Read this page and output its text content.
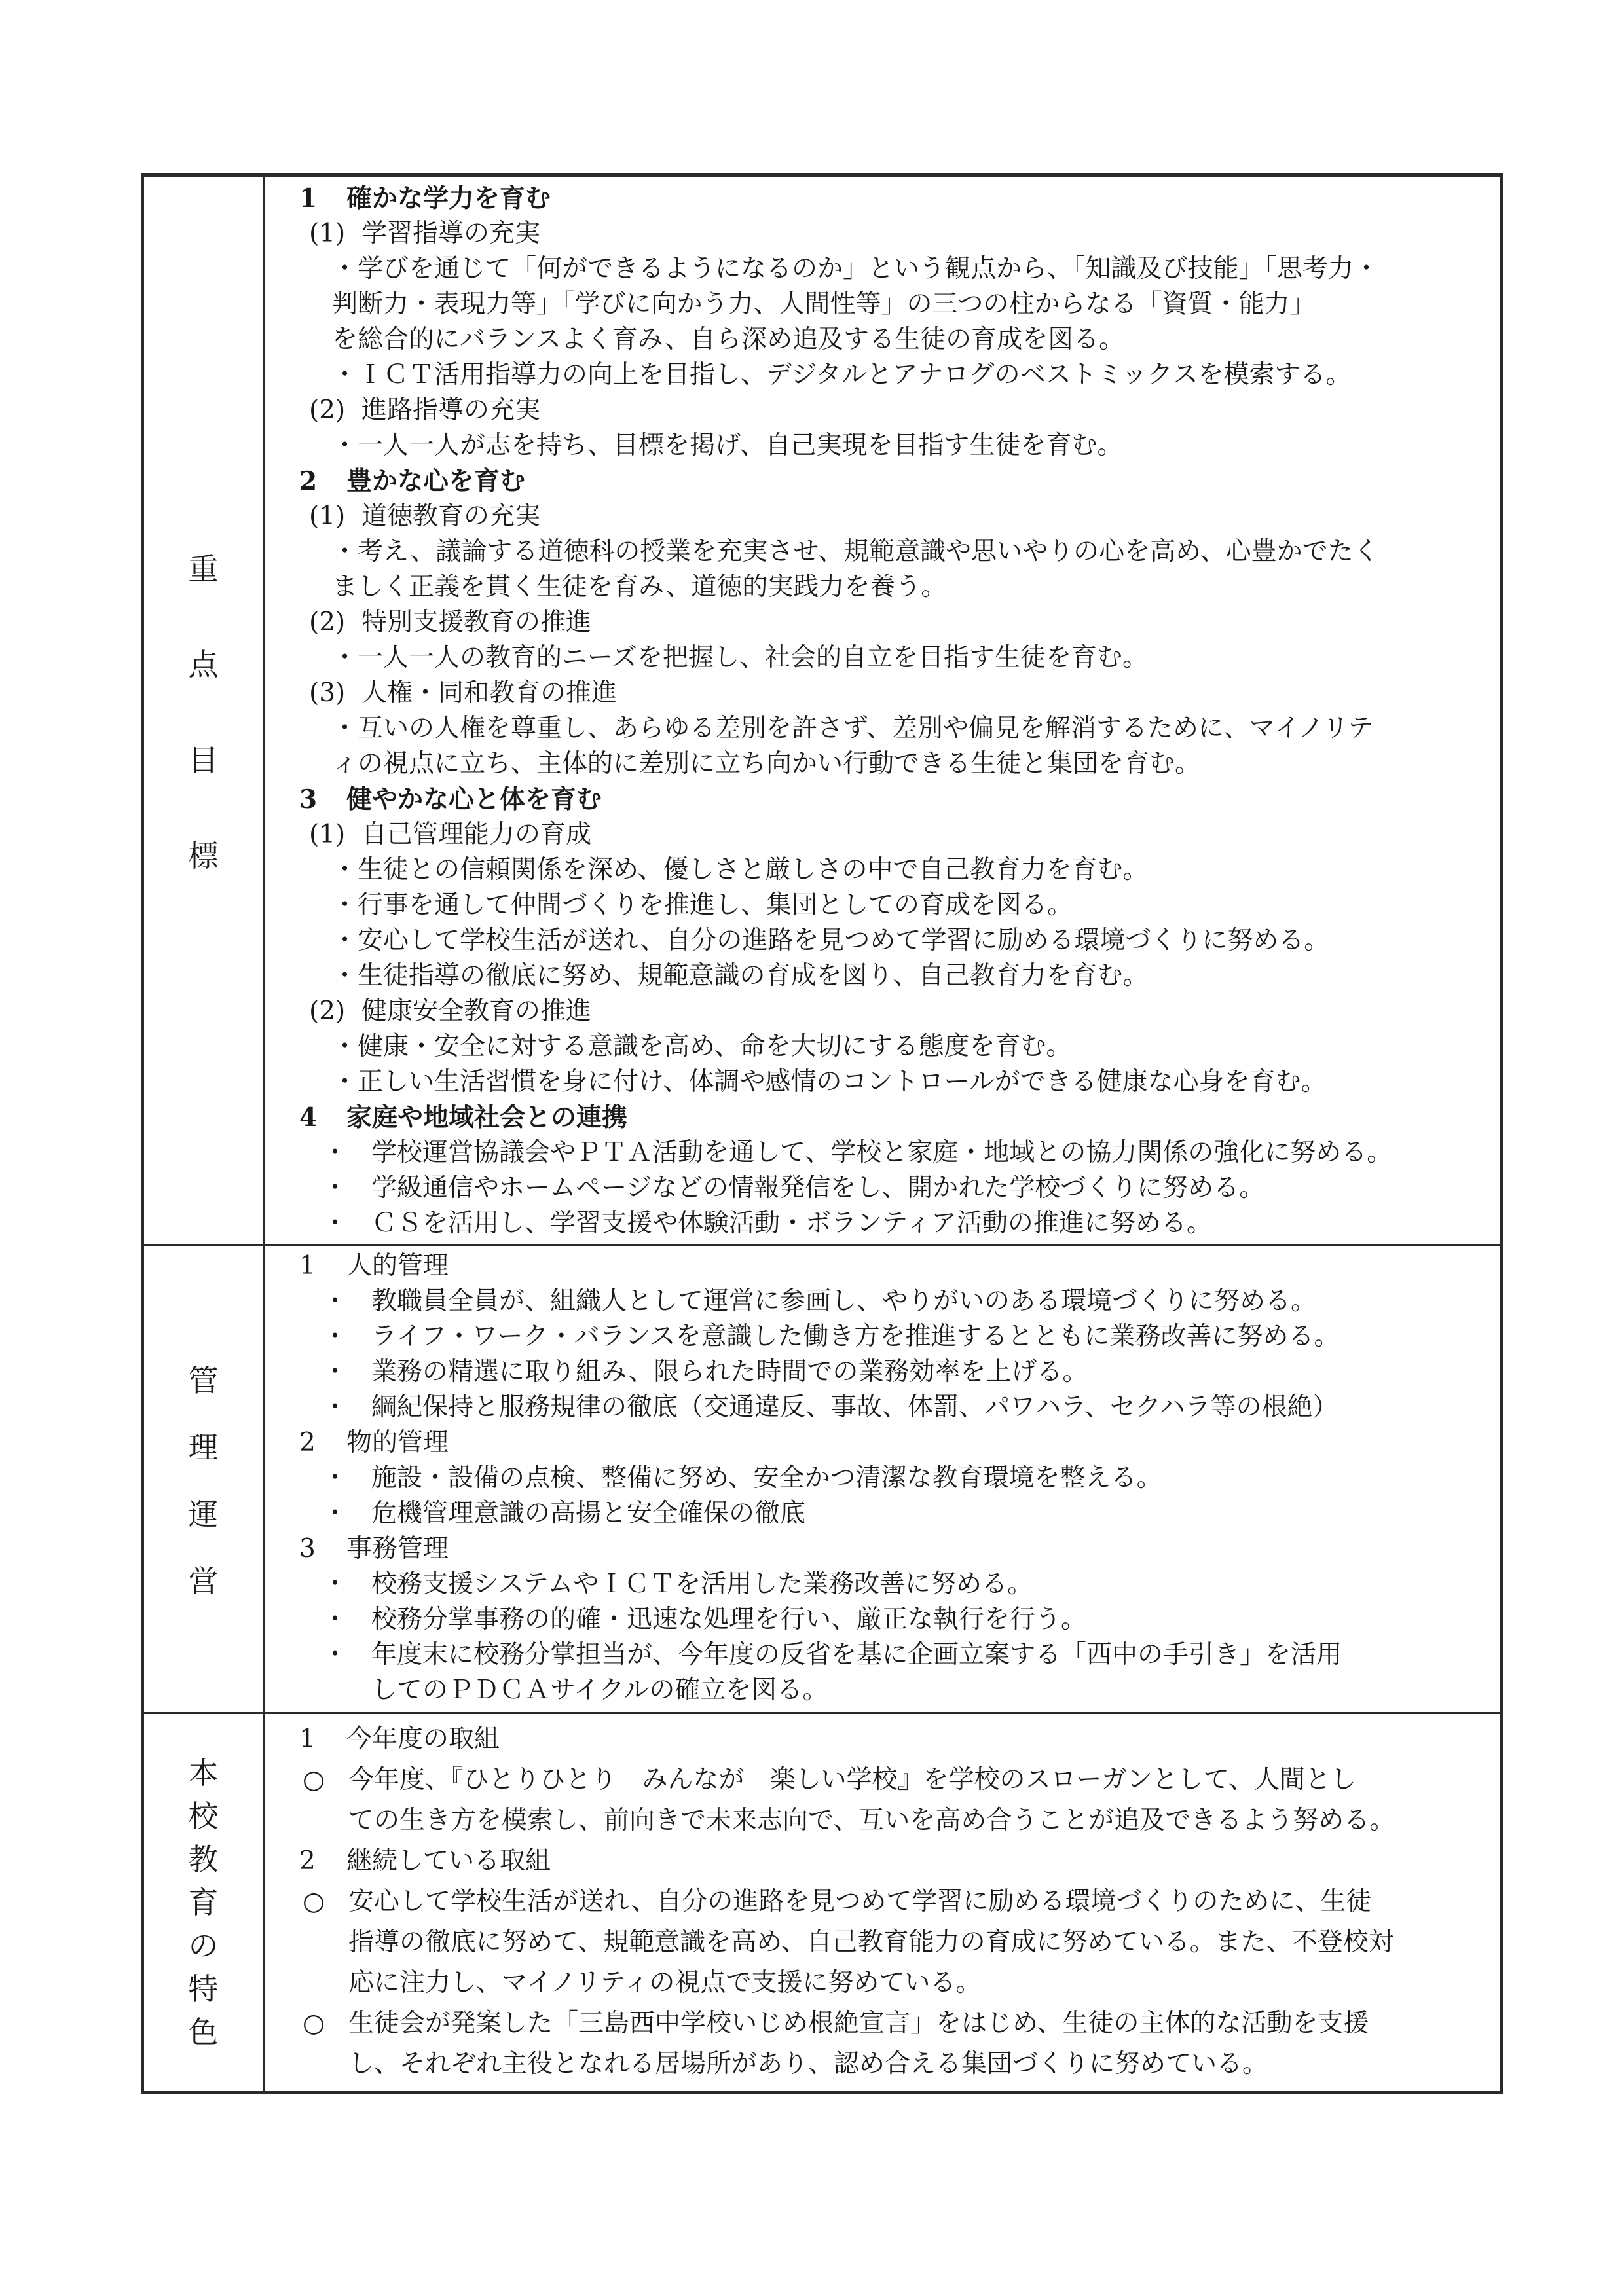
重
点
目
標
1 確かな学力を育む
(1) 学習指導の充実
・学びを通じて「何ができるようになるのか」という観点から、「知識及び技能」「思考力・
判断力・表現力等」「学びに向かう力、人間性等」の三つの柱からなる「資質・能力」
を総合的にバランスよく育み、自ら深め追及する生徒の育成を図る。
・ＩＣＴ活用指導力の向上を目指し、デジタルとアナログのベストミックスを模索する。
(2) 進路指導の充実
・一人一人が志を持ち、目標を掲げ、自己実現を目指す生徒を育む。
2 豊かな心を育む
(1) 道徳教育の充実
・考え、議論する道徳科の授業を充実させ、規範意識や思いやりの心を高め、心豊かでたく
ましく正義を貫く生徒を育み、道徳的実践力を養う。
(2) 特別支援教育の推進
・一人一人の教育的ニーズを把握し、社会的自立を目指す生徒を育む。
(3) 人権・同和教育の推進
・互いの人権を尊重し、あらゆる差別を許さず、差別や偏見を解消するために、マイノリテ
ィの視点に立ち、主体的に差別に立ち向かい行動できる生徒と集団を育む。
3 健やかな心と体を育む
(1) 自己管理能力の育成
・生徒との信頼関係を深め、優しさと厳しさの中で自己教育力を育む。
・行事を通して仲間づくりを推進し、集団としての育成を図る。
・安心して学校生活が送れ、自分の進路を見つめて学習に励める環境づくりに努める。
・生徒指導の徹底に努め、規範意識の育成を図り、自己教育力を育む。
(2) 健康安全教育の推進
・健康・安全に対する意識を高め、命を大切にする態度を育む。
・正しい生活習慣を身に付け、体調や感情のコントロールができる健康な心身を育む。
4 家庭や地域社会との連携
・ 学校運営協議会やＰＴＡ活動を通して、学校と家庭・地域との協力関係の強化に努める。
・ 学級通信やホームページなどの情報発信をし、開かれた学校づくりに努める。
・ ＣＳを活用し、学習支援や体験活動・ボランティア活動の推進に努める。
管
理
運
営
1 人的管理
・ 教職員全員が、組織人として運営に参画し、やりがいのある環境づくりに努める。
・ ライフ・ワーク・バランスを意識した働き方を推進するとともに業務改善に努める。
・ 業務の精選に取り組み、限られた時間での業務効率を上げる。
・ 綱紀保持と服務規律の徹底（交通違反、事故、体罰、パワハラ、セクハラ等の根絶）
2 物的管理
・ 施設・設備の点検、整備に努め、安全かつ清潔な教育環境を整える。
・ 危機管理意識の高揚と安全確保の徹底
3 事務管理
・ 校務支援システムやＩＣＴを活用した業務改善に努める。
・ 校務分掌事務の的確・迅速な処理を行い、厳正な執行を行う。
・ 年度末に校務分掌担当が、今年度の反省を基に企画立案する「西中の手引き」を活用
してのＰＤＣＡサイクルの確立を図る。
本
校
教
育
の
特
色
1 今年度の取組
○ 今年度、『ひとりひとり　みんなが　楽しい学校』を学校のスローガンとして、人間とし
ての生き方を模索し、前向きで未来志向で、互いを高め合うことが追及できるよう努める。
2 継続している取組
○ 安心して学校生活が送れ、自分の進路を見つめて学習に励める環境づくりのために、生徒
指導の徹底に努めて、規範意識を高め、自己教育能力の育成に努めている。また、不登校対
応に注力し、マイノリティの視点で支援に努めている。
○ 生徒会が発案した「三島西中学校いじめ根絶宣言」をはじめ、生徒の主体的な活動を支援
し、それぞれ主役となれる居場所があり、認め合える集団づくりに努めている。
